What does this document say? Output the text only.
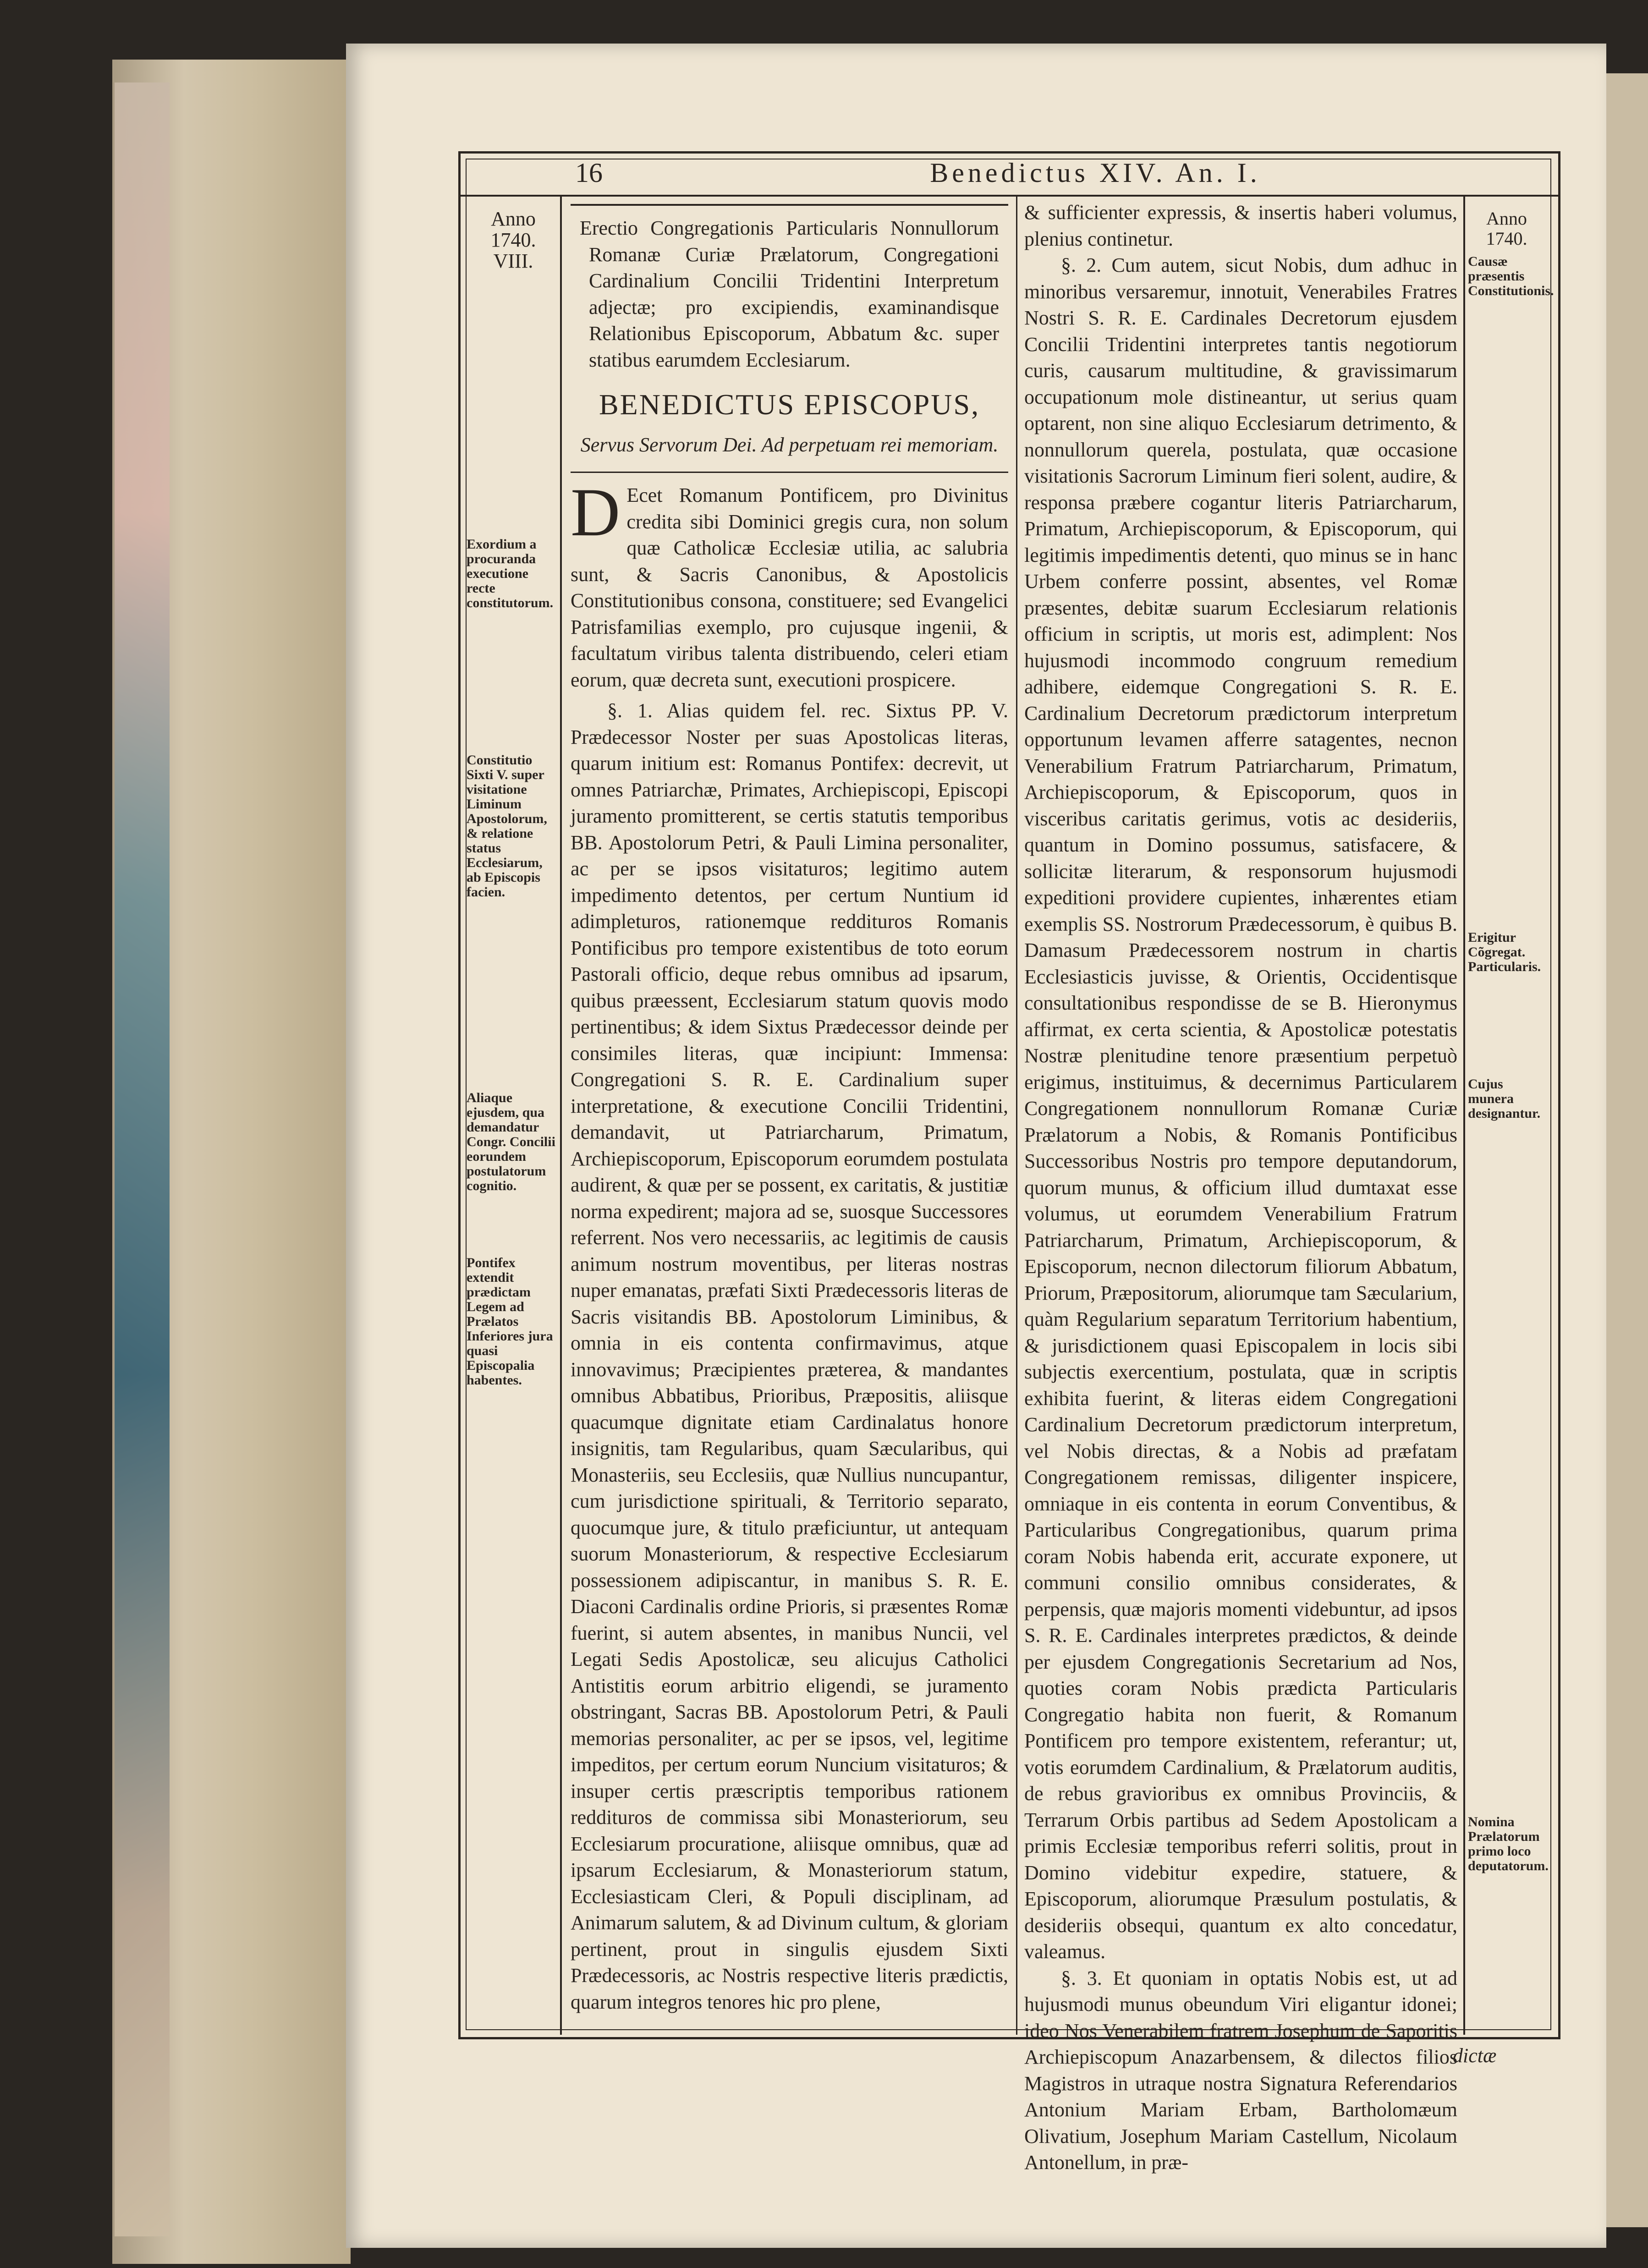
16	Benedictus XIV. An. I.
Anno
1740.
VIII.
Anno
1740.
Exordium a procuranda executione recte constitutorum.
Constitutio Sixti V. super visitatione Liminum Apostolorum, & relatione status Ecclesiarum, ab Episcopis facien.
Aliaque ejusdem, qua demandatur Congr. Concilii eorundem postulatorum cognitio.
Pontifex extendit prædictam Legem ad Prælatos Inferiores jura quasi Episcopalia habentes.
Causæ præsentis Constitutionis.
Erigitur Cõgregat. Particularis.
Cujus munera designantur.
Nomina Prælatorum primo loco deputatorum.

Erectio Congregationis Particularis Nonnullorum Romanæ Curiæ Prælatorum, Congregationi Cardinalium Concilii Tridentini Interpretum adjectæ; pro excipiendis, examinandisque Relationibus Episcoporum, Abbatum &c. super statibus earumdem Ecclesiarum.

BENEDICTUS EPISCOPUS,
Servus Servorum Dei. Ad perpetuam rei memoriam.

D Ecet Romanum Pontificem, pro Divinitus credita sibi Dominici gregis cura, non solum quæ Catholicæ Ecclesiæ utilia, ac salubria sunt, & Sacris Canonibus, & Apostolicis Constitutionibus consona, constituere; sed Evangelici Patrisfamilias exemplo, pro cujusque ingenii, & facultatum viribus talenta distribuendo, celeri etiam eorum, quæ decreta sunt, executioni prospicere.

§. 1. Alias quidem fel. rec. Sixtus PP. V. Prædecessor Noster per suas Apostolicas literas, quarum initium est: Romanus Pontifex: decrevit, ut omnes Patriarchæ, Primates, Archiepiscopi, Episcopi juramento promitterent, se certis statutis temporibus BB. Apostolorum Petri, & Pauli Limina personaliter, ac per se ipsos visitaturos; legitimo autem impedimento detentos, per certum Nuntium id adimpleturos, rationemque reddituros Romanis Pontificibus pro tempore existentibus de toto eorum Pastorali officio, deque rebus omnibus ad ipsarum, quibus præessent, Ecclesiarum statum quovis modo pertinentibus; & idem Sixtus Prædecessor deinde per consimiles literas, quæ incipiunt: Immensa: Congregationi S. R. E. Cardinalium super interpretatione, & executione Concilii Tridentini, demandavit, ut Patriarcharum, Primatum, Archiepiscoporum, Episcoporum eorumdem postulata audirent, & quæ per se possent, ex caritatis, & justitiæ norma expedirent; majora ad se, suosque Successores referrent. Nos vero necessariis, ac legitimis de causis animum nostrum moventibus, per literas nostras nuper emanatas, præfati Sixti Prædecessoris literas de Sacris visitandis BB. Apostolorum Liminibus, & omnia in eis contenta confirmavimus, atque innovavimus; Præcipientes præterea, & mandantes omnibus Abbatibus, Prioribus, Præpositis, aliisque quacumque dignitate etiam Cardinalatus honore insignitis, tam Regularibus, quam Sæcularibus, qui Monasteriis, seu Ecclesiis, quæ Nullius nuncupantur, cum jurisdictione spirituali, & Territorio separato, quocumque jure, & titulo præficiuntur, ut antequam suorum Monasteriorum, & respective Ecclesiarum possessionem adipiscantur, in manibus S. R. E. Diaconi Cardinalis ordine Prioris, si præsentes Romæ fuerint, si autem absentes, in manibus Nuncii, vel Legati Sedis Apostolicæ, seu alicujus Catholici Antistitis eorum arbitrio eligendi, se juramento obstringant, Sacras BB. Apostolorum Petri, & Pauli memorias personaliter, ac per se ipsos, vel, legitime impeditos, per certum eorum Nuncium visitaturos; & insuper certis præscriptis temporibus rationem reddituros de commissa sibi Monasteriorum, seu Ecclesiarum procuratione, aliisque omnibus, quæ ad ipsarum Ecclesiarum, & Monasteriorum statum, Ecclesiasticam Cleri, & Populi disciplinam, ad Animarum salutem, & ad Divinum cultum, & gloriam pertinent, prout in singulis ejusdem Sixti Prædecessoris, ac Nostris respective literis prædictis, quarum integros tenores hic pro plene,

& sufficienter expressis, & insertis haberi volumus, plenius continetur.

§. 2. Cum autem, sicut Nobis, dum adhuc in minoribus versaremur, innotuit, Venerabiles Fratres Nostri S. R. E. Cardinales Decretorum ejusdem Concilii Tridentini interpretes tantis negotiorum curis, causarum multitudine, & gravissimarum occupationum mole distineantur, ut serius quam optarent, non sine aliquo Ecclesiarum detrimento, & nonnullorum querela, postulata, quæ occasione visitationis Sacrorum Liminum fieri solent, audire, & responsa præbere cogantur literis Patriarcharum, Primatum, Archiepiscoporum, & Episcoporum, qui legitimis impedimentis detenti, quo minus se in hanc Urbem conferre possint, absentes, vel Romæ præsentes, debitæ suarum Ecclesiarum relationis officium in scriptis, ut moris est, adimplent: Nos hujusmodi incommodo congruum remedium adhibere, eidemque Congregationi S. R. E. Cardinalium Decretorum prædictorum interpretum opportunum levamen afferre satagentes, necnon Venerabilium Fratrum Patriarcharum, Primatum, Archiepiscoporum, & Episcoporum, quos in visceribus caritatis gerimus, votis ac desideriis, quantum in Domino possumus, satisfacere, & sollicitæ literarum, & responsorum hujusmodi expeditioni providere cupientes, inhærentes etiam exemplis SS. Nostrorum Prædecessorum, è quibus B. Damasum Prædecessorem nostrum in chartis Ecclesiasticis juvisse, & Orientis, Occidentisque consultationibus respondisse de se B. Hieronymus affirmat, ex certa scientia, & Apostolicæ potestatis Nostræ plenitudine tenore præsentium perpetuò erigimus, instituimus, & decernimus Particularem Congregationem nonnullorum Romanæ Curiæ Prælatorum a Nobis, & Romanis Pontificibus Successoribus Nostris pro tempore deputandorum, quorum munus, & officium illud dumtaxat esse volumus, ut eorumdem Venerabilium Fratrum Patriarcharum, Primatum, Archiepiscoporum, & Episcoporum, necnon dilectorum filiorum Abbatum, Priorum, Præpositorum, aliorumque tam Sæcularium, quàm Regularium separatum Territorium habentium, & jurisdictionem quasi Episcopalem in locis sibi subjectis exercentium, postulata, quæ in scriptis exhibita fuerint, & literas eidem Congregationi Cardinalium Decretorum prædictorum interpretum, vel Nobis directas, & a Nobis ad præfatam Congregationem remissas, diligenter inspicere, omniaque in eis contenta in eorum Conventibus, & Particularibus Congregationibus, quarum prima coram Nobis habenda erit, accurate exponere, ut communi consilio omnibus considerates, & perpensis, quæ majoris momenti videbuntur, ad ipsos S. R. E. Cardinales interpretes prædictos, & deinde per ejusdem Congregationis Secretarium ad Nos, quoties coram Nobis prædicta Particularis Congregatio habita non fuerit, & Romanum Pontificem pro tempore existentem, referantur; ut, votis eorumdem Cardinalium, & Prælatorum auditis, de rebus gravioribus ex omnibus Provinciis, & Terrarum Orbis partibus ad Sedem Apostolicam a primis Ecclesiæ temporibus referri solitis, prout in Domino videbitur expedire, statuere, & Episcoporum, aliorumque Præsulum postulatis, & desideriis obsequi, quantum ex alto concedatur, valeamus.

§. 3. Et quoniam in optatis Nobis est, ut ad hujusmodi munus obeundum Viri eligantur idonei; ideo Nos Venerabilem fratrem Josephum de Saporitis Archiepiscopum Anazarbensem, & dilectos filios Magistros in utraque nostra Signatura Referendarios Antonium Mariam Erbam, Bartholomæum Olivatium, Josephum Mariam Castellum, Nicolaum Antonellum, in præ-

dictæ
